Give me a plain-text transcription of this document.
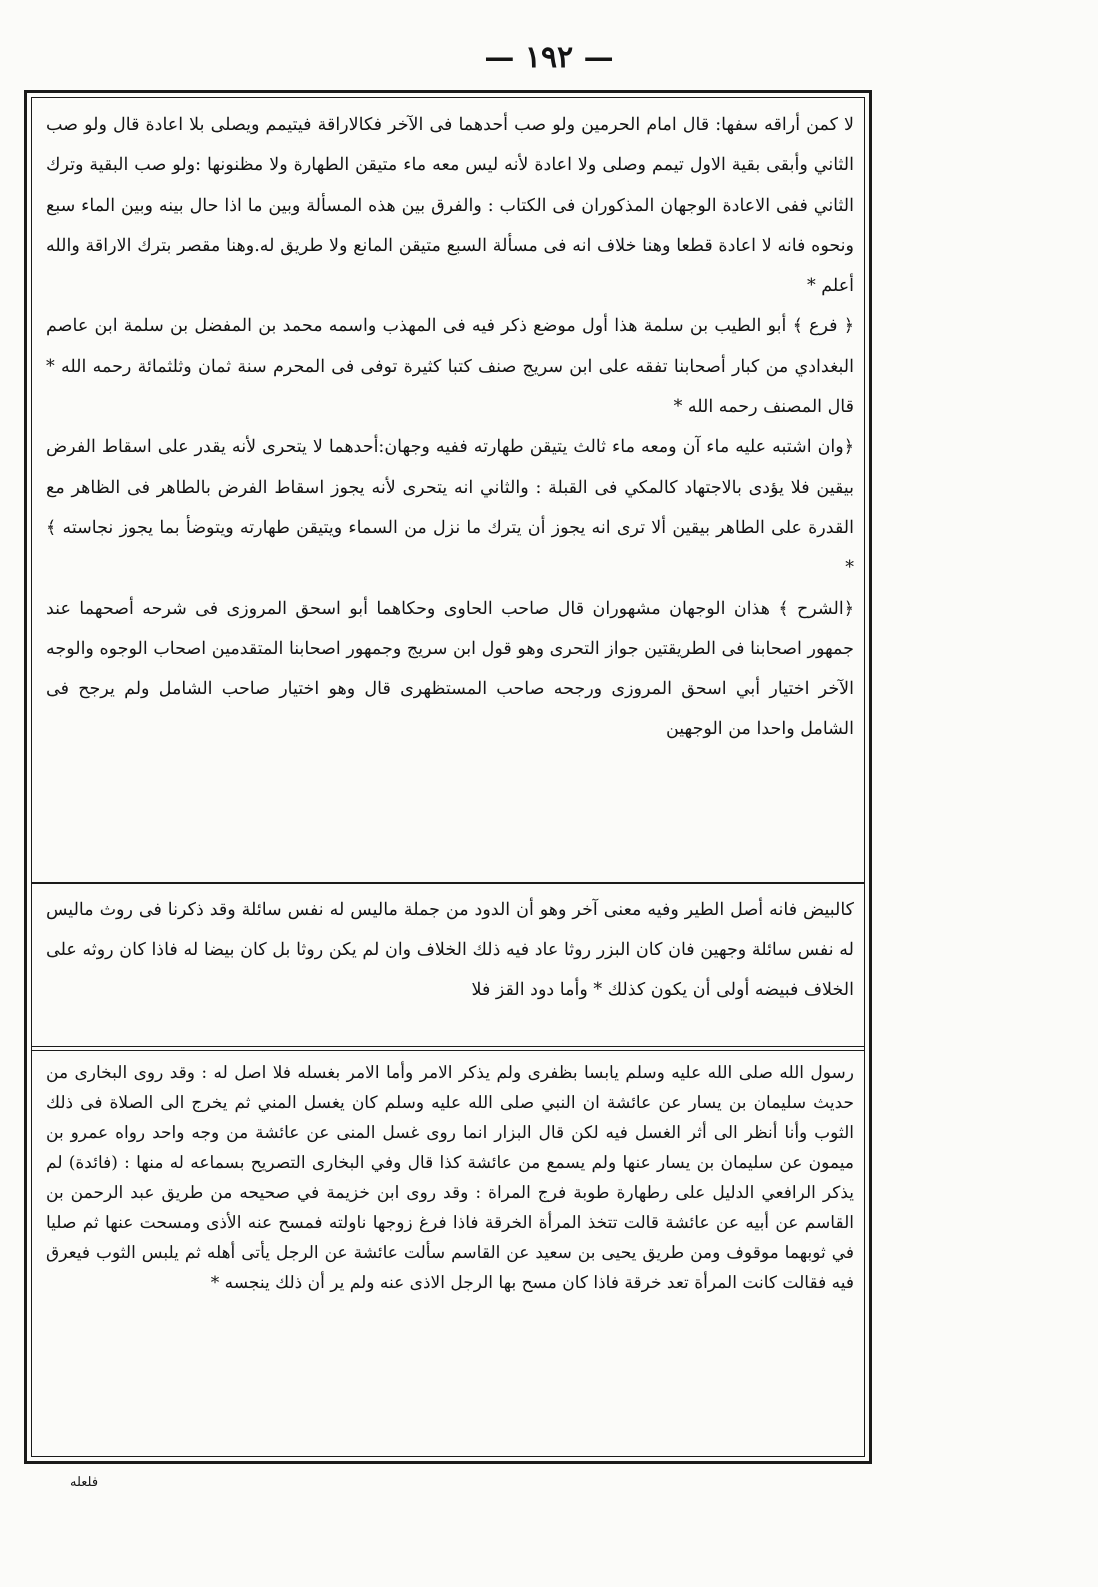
— ١٩٢ —

لا كمن أراقه سفها: قال امام الحرمين ولو صب أحدهما فى الآخر فكالاراقة فيتيمم ويصلى بلا اعادة قال ولو صب الثاني وأبقى بقية الاول تيمم وصلى ولا اعادة لأنه ليس معه ماء متيقن الطهارة ولا مظنونها :ولو صب البقية وترك الثاني ففى الاعادة الوجهان المذكوران فى الكتاب : والفرق بين هذه المسألة وبين ما اذا حال بينه وبين الماء سبع ونحوه فانه لا اعادة قطعا وهنا خلاف انه فى مسألة السبع متيقن المانع ولا طريق له.وهنا مقصر بترك الاراقة والله أعلم *

﴿ فرع ﴾ أبو الطيب بن سلمة هذا أول موضع ذكر فيه فى المهذب واسمه محمد بن المفضل بن سلمة ابن عاصم البغدادي من كبار أصحابنا تفقه على ابن سريج صنف كتبا كثيرة توفى فى المحرم سنة ثمان وثلثمائة رحمه الله * قال المصنف رحمه الله *

﴿وان اشتبه عليه ماء آن ومعه ماء ثالث يتيقن طهارته ففيه وجهان:أحدهما لا يتحرى لأنه يقدر على اسقاط الفرض بيقين فلا يؤدى بالاجتهاد كالمكي فى القبلة : والثاني انه يتحرى لأنه يجوز اسقاط الفرض بالطاهر فى الظاهر مع القدرة على الطاهر بيقين ألا ترى انه يجوز أن يترك ما نزل من السماء ويتيقن طهارته ويتوضأ بما يجوز نجاسته ﴾ *

﴿الشرح ﴾ هذان الوجهان مشهوران قال صاحب الحاوى وحكاهما أبو اسحق المروزى فى شرحه أصحهما عند جمهور اصحابنا فى الطريقتين جواز التحرى وهو قول ابن سريج وجمهور اصحابنا المتقدمين اصحاب الوجوه والوجه الآخر اختيار أبي اسحق المروزى ورجحه صاحب المستظهرى قال وهو اختيار صاحب الشامل ولم يرجح فى الشامل واحدا من الوجهين

كالبيض فانه أصل الطير وفيه معنى آخر وهو أن الدود من جملة ماليس له نفس سائلة وقد ذكرنا فى روث ماليس له نفس سائلة وجهين فان كان البزر روثا عاد فيه ذلك الخلاف وان لم يكن روثا بل كان بيضا له فاذا كان روثه على الخلاف فبيضه أولى أن يكون كذلك * وأما دود القز فلا

رسول الله صلى الله عليه وسلم يابسا بظفرى ولم يذكر الامر وأما الامر بغسله فلا اصل له : وقد روى البخارى من حديث سليمان بن يسار عن عائشة ان النبي صلى الله عليه وسلم كان يغسل المني ثم يخرج الى الصلاة فى ذلك الثوب وأنا أنظر الى أثر الغسل فيه لكن قال البزار انما روى غسل المنى عن عائشة من وجه واحد رواه عمرو بن ميمون عن سليمان بن يسار عنها ولم يسمع من عائشة كذا قال وفي البخارى التصريح بسماعه له منها : (فائدة) لم يذكر الرافعي الدليل على رطهارة طوبة فرج المراة : وقد روى ابن خزيمة في صحيحه من طريق عبد الرحمن بن القاسم عن أبيه عن عائشة قالت تتخذ المرأة الخرقة فاذا فرغ زوجها ناولته فمسح عنه الأذى ومسحت عنها ثم صليا في ثوبهما موقوف ومن طريق يحيى بن سعيد عن القاسم سألت عائشة عن الرجل يأتى أهله ثم يلبس الثوب فيعرق فيه فقالت كانت المرأة تعد خرقة فاذا كان مسح بها الرجل الاذى عنه ولم ير أن ذلك ينجسه *

فلعله
